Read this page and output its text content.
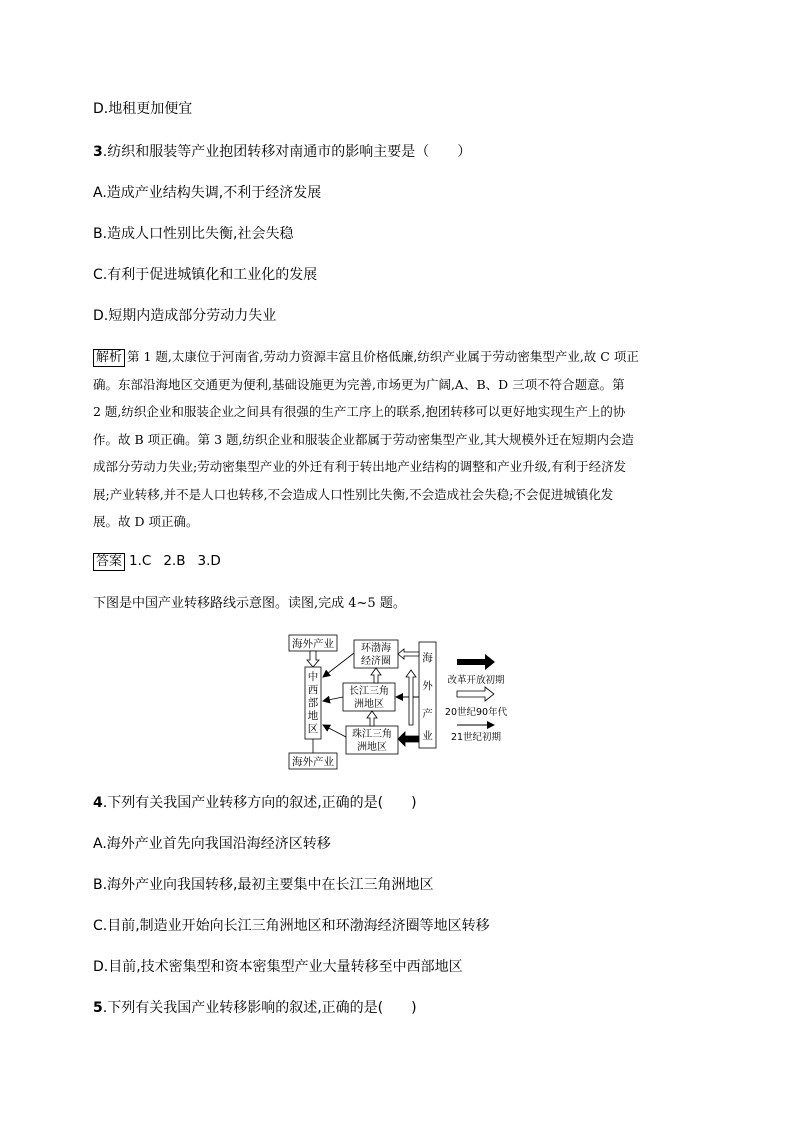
D.地租更加便宜
3.纺织和服装等产业抱团转移对南通市的影响主要是（　　）
A.造成产业结构失调,不利于经济发展
B.造成人口性别比失衡,社会失稳
C.有利于促进城镇化和工业化的发展
D.短期内造成部分劳动力失业
解析 第 1 题,太康位于河南省,劳动力资源丰富且价格低廉,纺织产业属于劳动密集型产业,故 C 项正
确。东部沿海地区交通更为便利,基础设施更为完善,市场更为广阔,A、B、D 三项不符合题意。第
2 题,纺织企业和服装企业之间具有很强的生产工序上的联系,抱团转移可以更好地实现生产上的协
作。故 B 项正确。第 3 题,纺织企业和服装企业都属于劳动密集型产业,其大规模外迁在短期内会造
成部分劳动力失业;劳动密集型产业的外迁有利于转出地产业结构的调整和产业升级,有利于经济发
展;产业转移,并不是人口也转移,不会造成人口性别比失衡,不会造成社会失稳;不会促进城镇化发
展。故 D 项正确。
答案 1.C 2.B 3.D
下图是中国产业转移路线示意图。读图,完成 4~5 题。
海外产业
中
西
部
地
区
海外产业
环渤海
经济圈
长江三角
洲地区
珠江三角
洲地区
海
外
产
业
改革开放初期
20世纪90年代
21世纪初期
4.下列有关我国产业转移方向的叙述,正确的是(　　)
A.海外产业首先向我国沿海经济区转移
B.海外产业向我国转移,最初主要集中在长江三角洲地区
C.目前,制造业开始向长江三角洲地区和环渤海经济圈等地区转移
D.目前,技术密集型和资本密集型产业大量转移至中西部地区
5.下列有关我国产业转移影响的叙述,正确的是(　　)
